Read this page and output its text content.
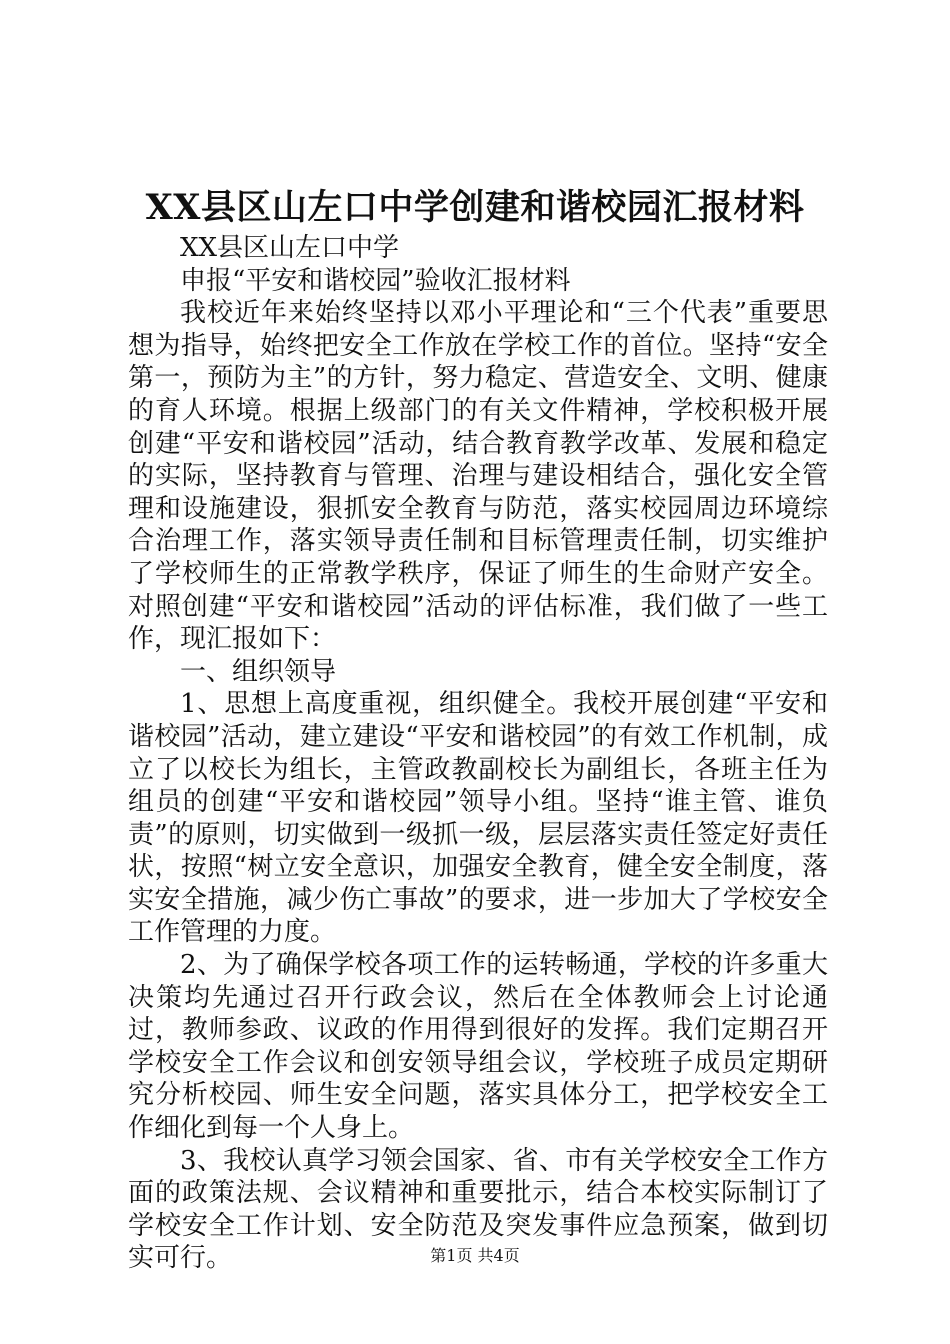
XX县区山左口中学创建和谐校园汇报材料

XX县区山左口中学

申报“平安和谐校园”验收汇报材料

我校近年来始终坚持以邓小平理论和“三个代表”重要思想为指导，始终把安全工作放在学校工作的首位。坚持“安全第一，预防为主”的方针，努力稳定、营造安全、文明、健康的育人环境。根据上级部门的有关文件精神，学校积极开展创建“平安和谐校园”活动，结合教育教学改革、发展和稳定的实际，坚持教育与管理、治理与建设相结合，强化安全管理和设施建设，狠抓安全教育与防范，落实校园周边环境综合治理工作，落实领导责任制和目标管理责任制，切实维护了学校师生的正常教学秩序，保证了师生的生命财产安全。对照创建“平安和谐校园”活动的评估标准，我们做了一些工作，现汇报如下：

一、组织领导

1、思想上高度重视，组织健全。我校开展创建“平安和谐校园”活动，建立建设“平安和谐校园”的有效工作机制，成立了以校长为组长，主管政教副校长为副组长，各班主任为组员的创建“平安和谐校园”领导小组。坚持“谁主管、谁负责”的原则，切实做到一级抓一级，层层落实责任签定好责任状，按照“树立安全意识，加强安全教育，健全安全制度，落实安全措施，减少伤亡事故”的要求，进一步加大了学校安全工作管理的力度。

2、为了确保学校各项工作的运转畅通，学校的许多重大决策均先通过召开行政会议，然后在全体教师会上讨论通过，教师参政、议政的作用得到很好的发挥。我们定期召开学校安全工作会议和创安领导组会议，学校班子成员定期研究分析校园、师生安全问题，落实具体分工，把学校安全工作细化到每一个人身上。

3、我校认真学习领会国家、省、市有关学校安全工作方面的政策法规、会议精神和重要批示，结合本校实际制订了学校安全工作计划、安全防范及突发事件应急预案，做到切实可行。	第1页 共4页
